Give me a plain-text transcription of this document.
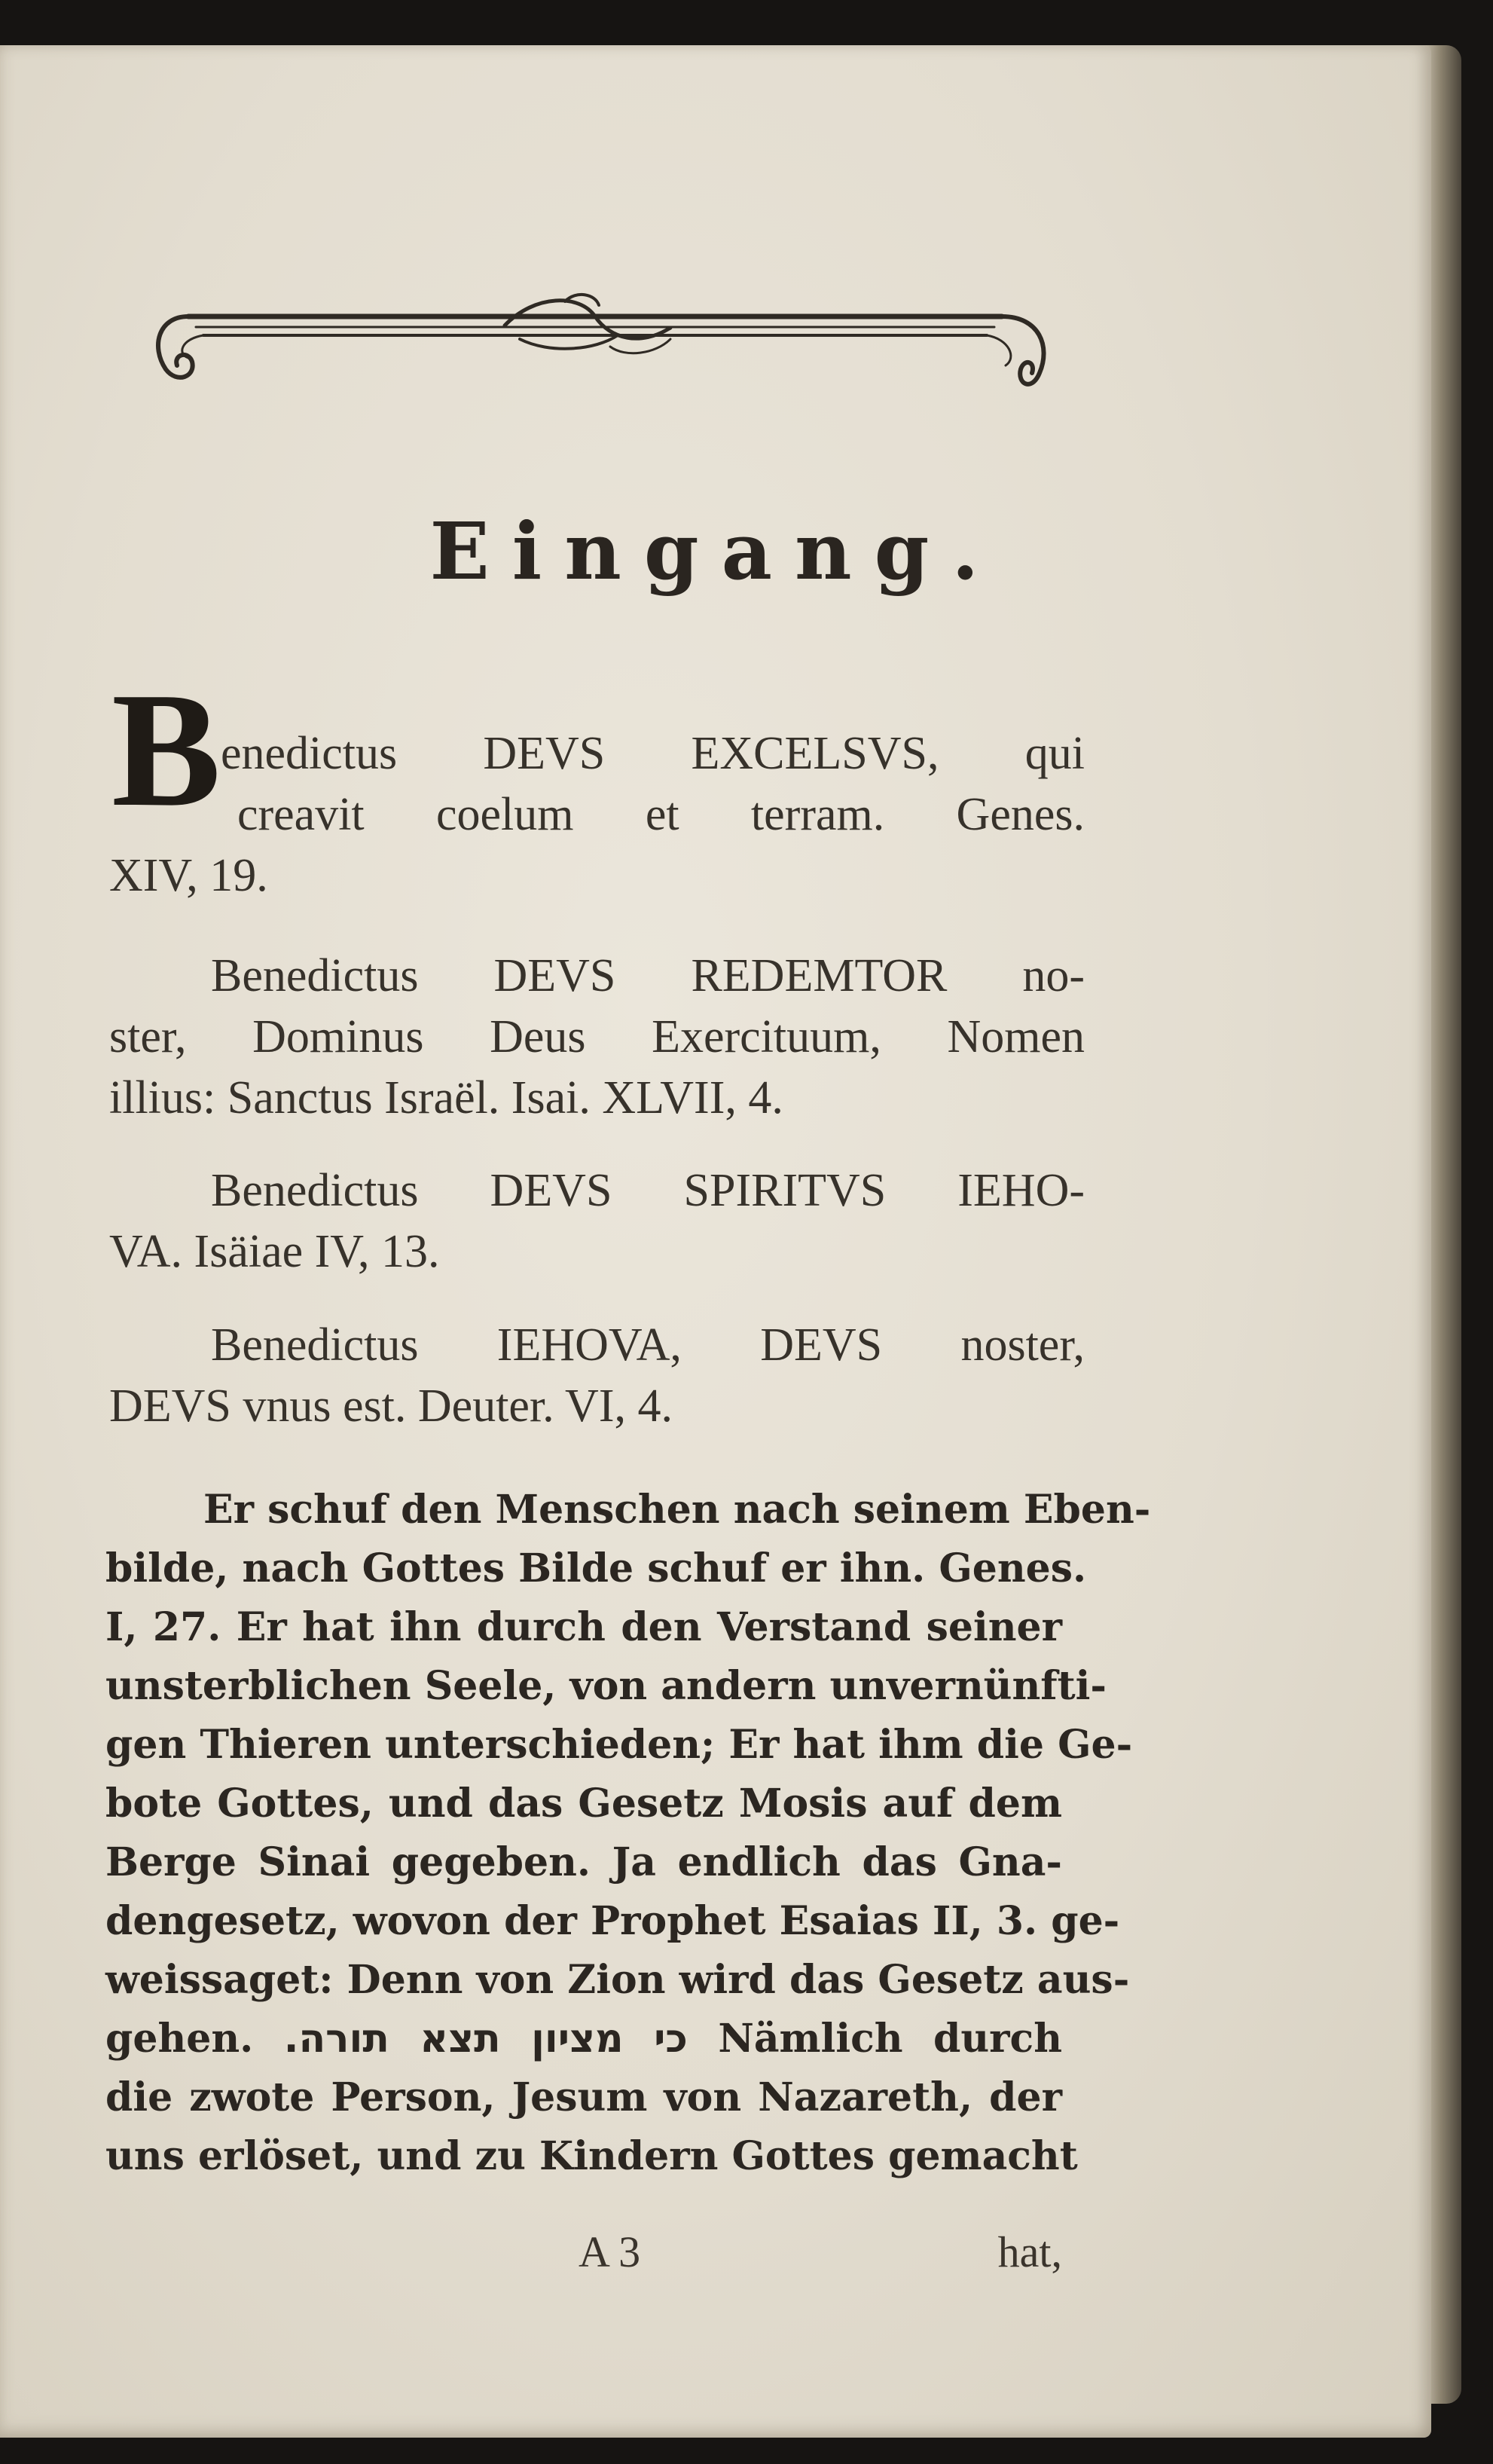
Eingang.
B enedictus DEVS EXCELSVS, qui
creavit coelum et terram. Genes.
XIV, 19.
Benedictus DEVS REDEMTOR no-
ster, Dominus Deus Exercituum, Nomen
illius: Sanctus Israël. Isai. XLVII, 4.
Benedictus DEVS SPIRITVS IEHO-
VA. Isäiae IV, 13.
Benedictus IEHOVA, DEVS noster,
DEVS vnus est. Deuter. VI, 4.
Er schuf den Menschen nach seinem Eben-
bilde, nach Gottes Bilde schuf er ihn. Genes.
I, 27. Er hat ihn durch den Verstand seiner
unsterblichen Seele, von andern unvernünfti-
gen Thieren unterschieden; Er hat ihm die Ge-
bote Gottes, und das Gesetz Mosis auf dem
Berge Sinai gegeben. Ja endlich das Gna-
dengesetz, wovon der Prophet Esaias II, 3. ge-
weissaget: Denn von Zion wird das Gesetz aus-
gehen. כי מציון תצא תורה. Nämlich durch
die zwote Person, Jesum von Nazareth, der
uns erlöset, und zu Kindern Gottes gemacht
A 3	hat,
